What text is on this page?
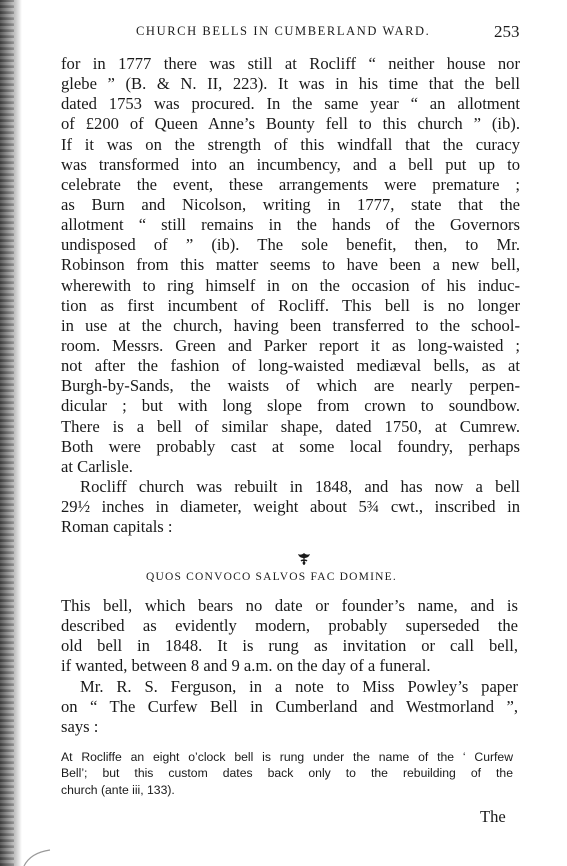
CHURCH BELLS IN CUMBERLAND WARD.	253
for in 1777 there was still at Rocliff “ neither house nor
glebe ” (B. & N. II, 223). It was in his time that the bell
dated 1753 was procured. In the same year “ an allotment
of £200 of Queen Anne’s Bounty fell to this church ” (ib).
If it was on the strength of this windfall that the curacy
was transformed into an incumbency, and a bell put up to
celebrate the event, these arrangements were premature ;
as Burn and Nicolson, writing in 1777, state that the
allotment “ still remains in the hands of the Governors
undisposed of ” (ib). The sole benefit, then, to Mr.
Robinson from this matter seems to have been a new bell,
wherewith to ring himself in on the occasion of his induc-
tion as first incumbent of Rocliff. This bell is no longer
in use at the church, having been transferred to the school-
room. Messrs. Green and Parker report it as long-waisted ;
not after the fashion of long-waisted mediæval bells, as at
Burgh-by-Sands, the waists of which are nearly perpen-
dicular ; but with long slope from crown to soundbow.
There is a bell of similar shape, dated 1750, at Cumrew.
Both were probably cast at some local foundry, perhaps
at Carlisle.
Rocliff church was rebuilt in 1848, and has now a bell
29½ inches in diameter, weight about 5¾ cwt., inscribed in
Roman capitals :
QUOS CONVOCO SALVOS FAC DOMINE.
This bell, which bears no date or founder’s name, and is
described as evidently modern, probably superseded the
old bell in 1848. It is rung as invitation or call bell,
if wanted, between 8 and 9 a.m. on the day of a funeral.
Mr. R. S. Ferguson, in a note to Miss Powley’s paper
on “ The Curfew Bell in Cumberland and Westmorland ”,
says :
At Rocliffe an eight o’clock bell is rung under the name of the ‘ Curfew
Bell’; but this custom dates back only to the rebuilding of the
church (ante iii, 133).
The
